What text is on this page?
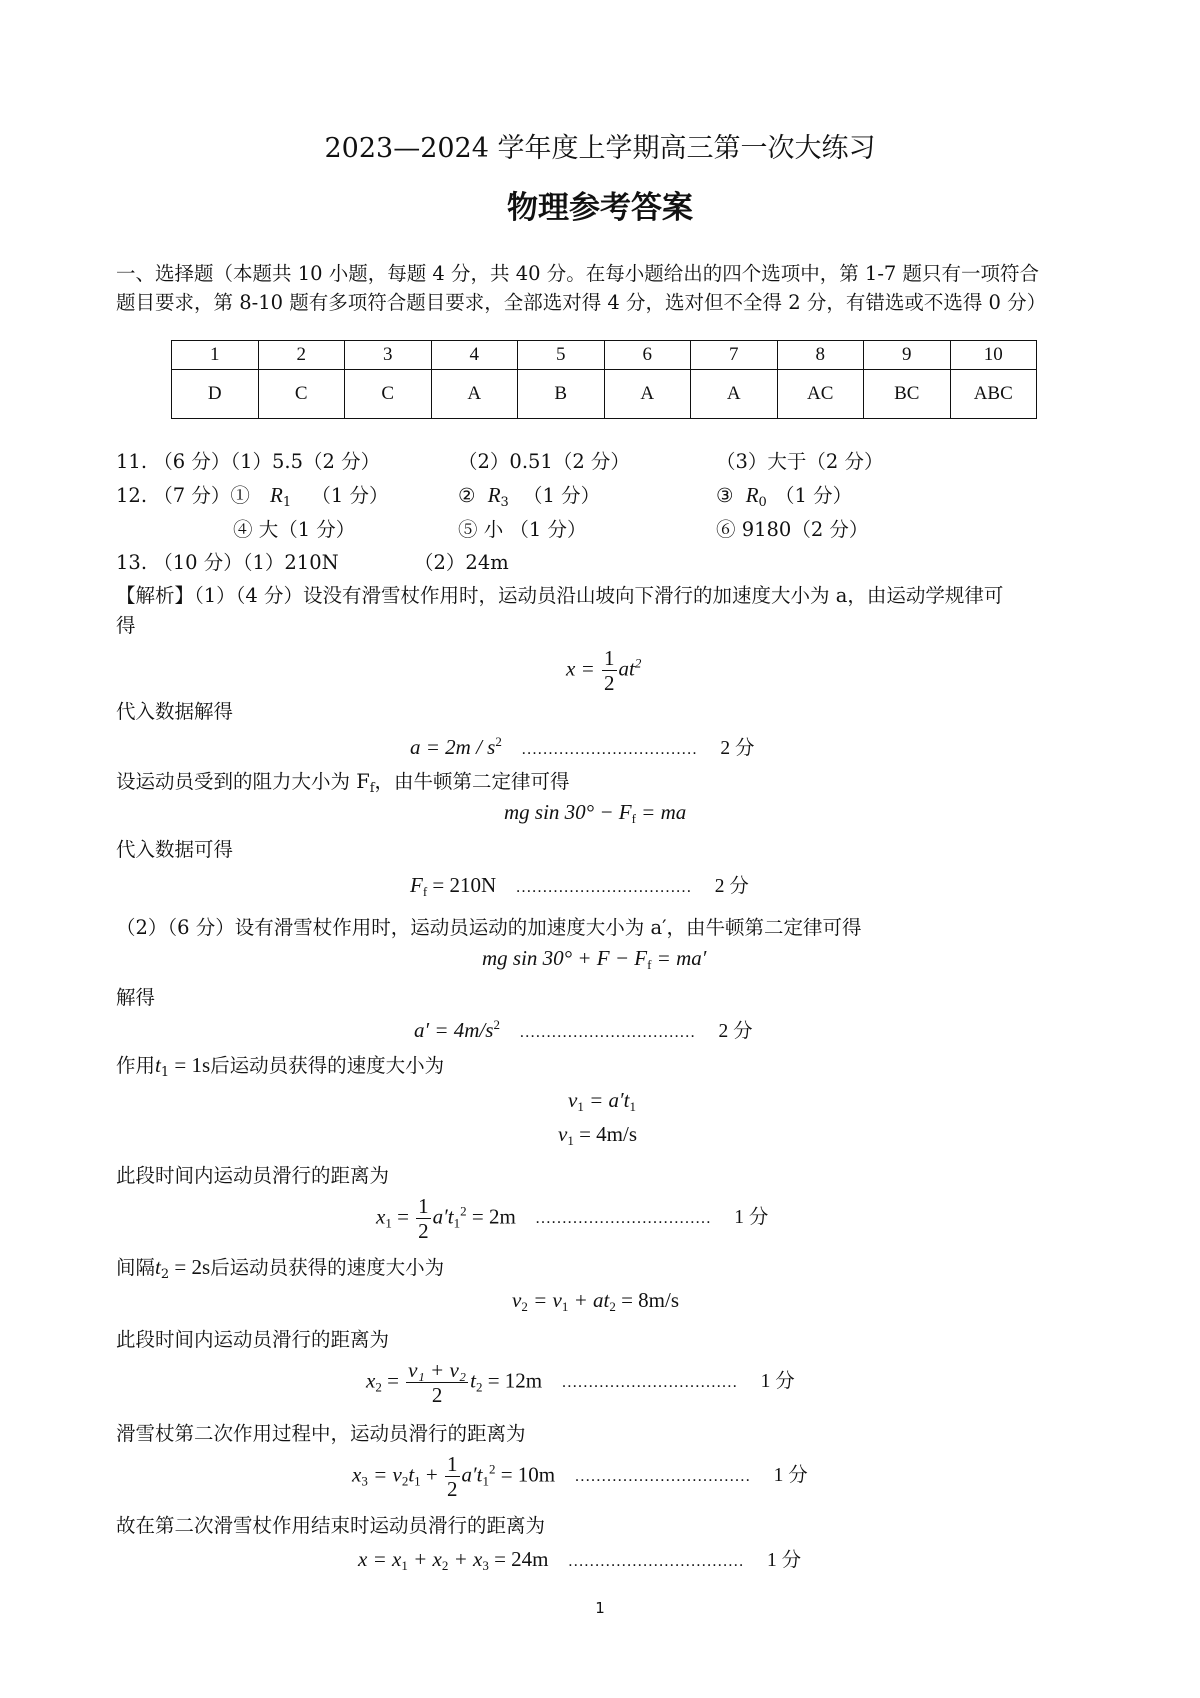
2023—2024 学年度上学期高三第一次大练习
物理参考答案
一、选择题（本题共 10 小题，每题 4 分，共 40 分。在每小题给出的四个选项中，第 1-7 题只有一项符合
题目要求，第 8-10 题有多项符合题目要求，全部选对得 4 分，选对但不全得 2 分，有错选或不选得 0 分）
1	2	3	4	5	6	7	8	9	10
D	C	C	A	B	A	A	AC	BC	ABC
11. （6 分）（1）5.5（2 分）	（2）0.51（2 分）	（3）大于（2 分）
12. （7 分）① $R_1$ （1 分）	② $R_3$ （1 分）	③ $R_0$ （1 分）
④ 大（1 分）	⑤ 小 （1 分）	⑥ 9180（2 分）
13. （10 分）（1）210N	（2）24m
【解析】（1）（4 分）设没有滑雪杖作用时，运动员沿山坡向下滑行的加速度大小为 a，由运动学规律可
得
$x = \frac{1}{2} at^2$
代入数据解得
$a = 2m / s^2$ …………………………… 2 分
设运动员受到的阻力大小为 $F_f$，由牛顿第二定律可得
mg $\sin 30^\circ - F_f$ = ma
代入数据可得
$F_f = 210N$ …………………………… 2 分
（2）（6 分）设有滑雪杖作用时，运动员运动的加速度大小为 a′，由牛顿第二定律可得
mg $\sin 30^\circ + F - F_f = ma'$
解得
$a' = 4m/s^2$ …………………………… 2 分
作用$t_1 = 1s$后运动员获得的速度大小为
$v_1 = a't_1$
$v_1 = 4m/s$
此段时间内运动员滑行的距离为
$x_1 = \frac{1}{2} a't_1^2 = 2m$ …………………………… 1 分
间隔$t_2 = 2s$后运动员获得的速度大小为
$v_2 = v_1 + at_2 = 8m/s$
此段时间内运动员滑行的距离为
$x_2 = \frac{\text{v₁ + v₂}}{2} t_2 = 12m$ …………………………… 1 分
滑雪杖第二次作用过程中，运动员滑行的距离为
$x_3 = v_2t_1 + \frac{1}{2} a't_1^2 = 10m$ …………………………… 1 分
故在第二次滑雪杖作用结束时运动员滑行的距离为
$x = x_1 + x_2 + x_3 = 24m$ …………………………… 1 分
1
